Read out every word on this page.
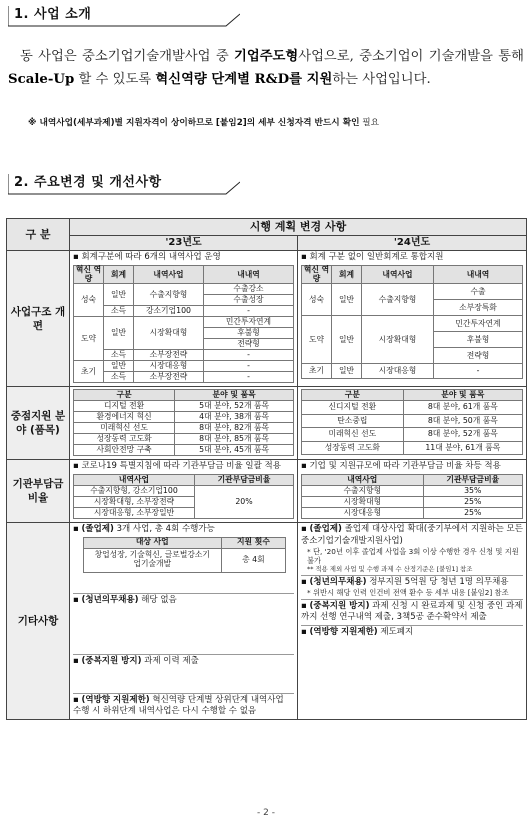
1. 사업 소개
동 사업은 중소기업기술개발사업 중 기업주도형사업으로, 중소기업이 기술개발을 통해 Scale-Up 할 수 있도록 혁신역량 단계별 R&D를 지원하는 사업입니다.
※ 내역사업(세부과제)별 지원자격이 상이하므로 [붙임2]의 세부 신청자격 반드시 확인 필요
2. 주요변경 및 개선사항
구 분	시행 계획 변경 사항
'23년도	'24년도
사업구조 개편	
▪ 회계구분에 따라 6개의 내역사업 운영
혁신 역량	회계	내역사업	내내역
성숙	일반	수출지향형	수출강소
수출성장
소득	강소기업100	-
도약	일반	시장확대형	민간투자연계
후불형
전략형
소득	소부장전략	-
초기	일반	시장대응형	-
소득	소부장전략	-

▪ 회계 구분 없이 일반회계로 통합지원
혁신 역량	회계	내역사업	내내역
성숙	일반	수출지향형	수출
소부장특화
도약	일반	시장확대형	민간투자연계
후불형
전략형
초기	일반	시장대응형	-

중점지원 분야 (품목)	
구분	분야 및 품목
디지털 전환	5대 분야, 52개 품목
환경에너지 혁신	4대 분야, 38개 품목
미래혁신 선도	8대 분야, 82개 품목
성장동력 고도화	8대 분야, 85개 품목
사회안전망 구축	5대 분야, 45개 품목

구분	분야 및 품목
신디지털 전환	8대 분야, 61개 품목
탄소중립	8대 분야, 50개 품목
미래혁신 선도	8대 분야, 52개 품목
성장동력 고도화	11대 분야, 61개 품목

기관부담금 비율	
▪ 코로나19 특별지침에 따라 기관부담금 비율 일괄 적용
내역사업	기관부담금비율
수출지향형, 강소기업100	20%
시장확대형, 소부장전략
시장대응형, 소부장일반

▪ 기업 및 지원규모에 따라 기관부담금 비율 차등 적용
내역사업	기관부담금비율
수출지향형	35%
시장확대형	25%
시장대응형	25%

기타사항	
▪ (졸업제) 3개 사업, 총 4회 수행가능
대상 사업	지원 횟수
창업성장, 기술혁신, 글로벌강소기업기술개발	총 4회
▪ (청년의무채용) 해당 없음
▪ (중복지원 방지) 과제 이력 제출
▪ (역방향 지원제한) 혁신역량 단계별 상위단계 내역사업 수행 시 하위단계 내역사업은 다시 수행할 수 없음

▪ (졸업제) 졸업제 대상사업 확대(중기부에서 지원하는 모든 중소기업기술개발지원사업)
* 단, '20년 이후 졸업제 사업을 3회 이상 수행한 경우 신청 및 지원 불가
** 적용 제외 사업 및 수행 과제 수 산정기준은 [붙임1] 참조
▪ (청년의무채용) 정부지원 5억원 당 청년 1명 의무채용
* 위반시 해당 인력 인건비 전액 환수 등 세부 내용 [붙임2] 참조
▪ (중복지원 방지) 과제 신청 시 완료과제 및 신청 중인 과제까지 선행 연구내역 제출, 3책5공 준수확약서 제출
▪ (역방향 지원제한) 제도폐지
- 2 -
